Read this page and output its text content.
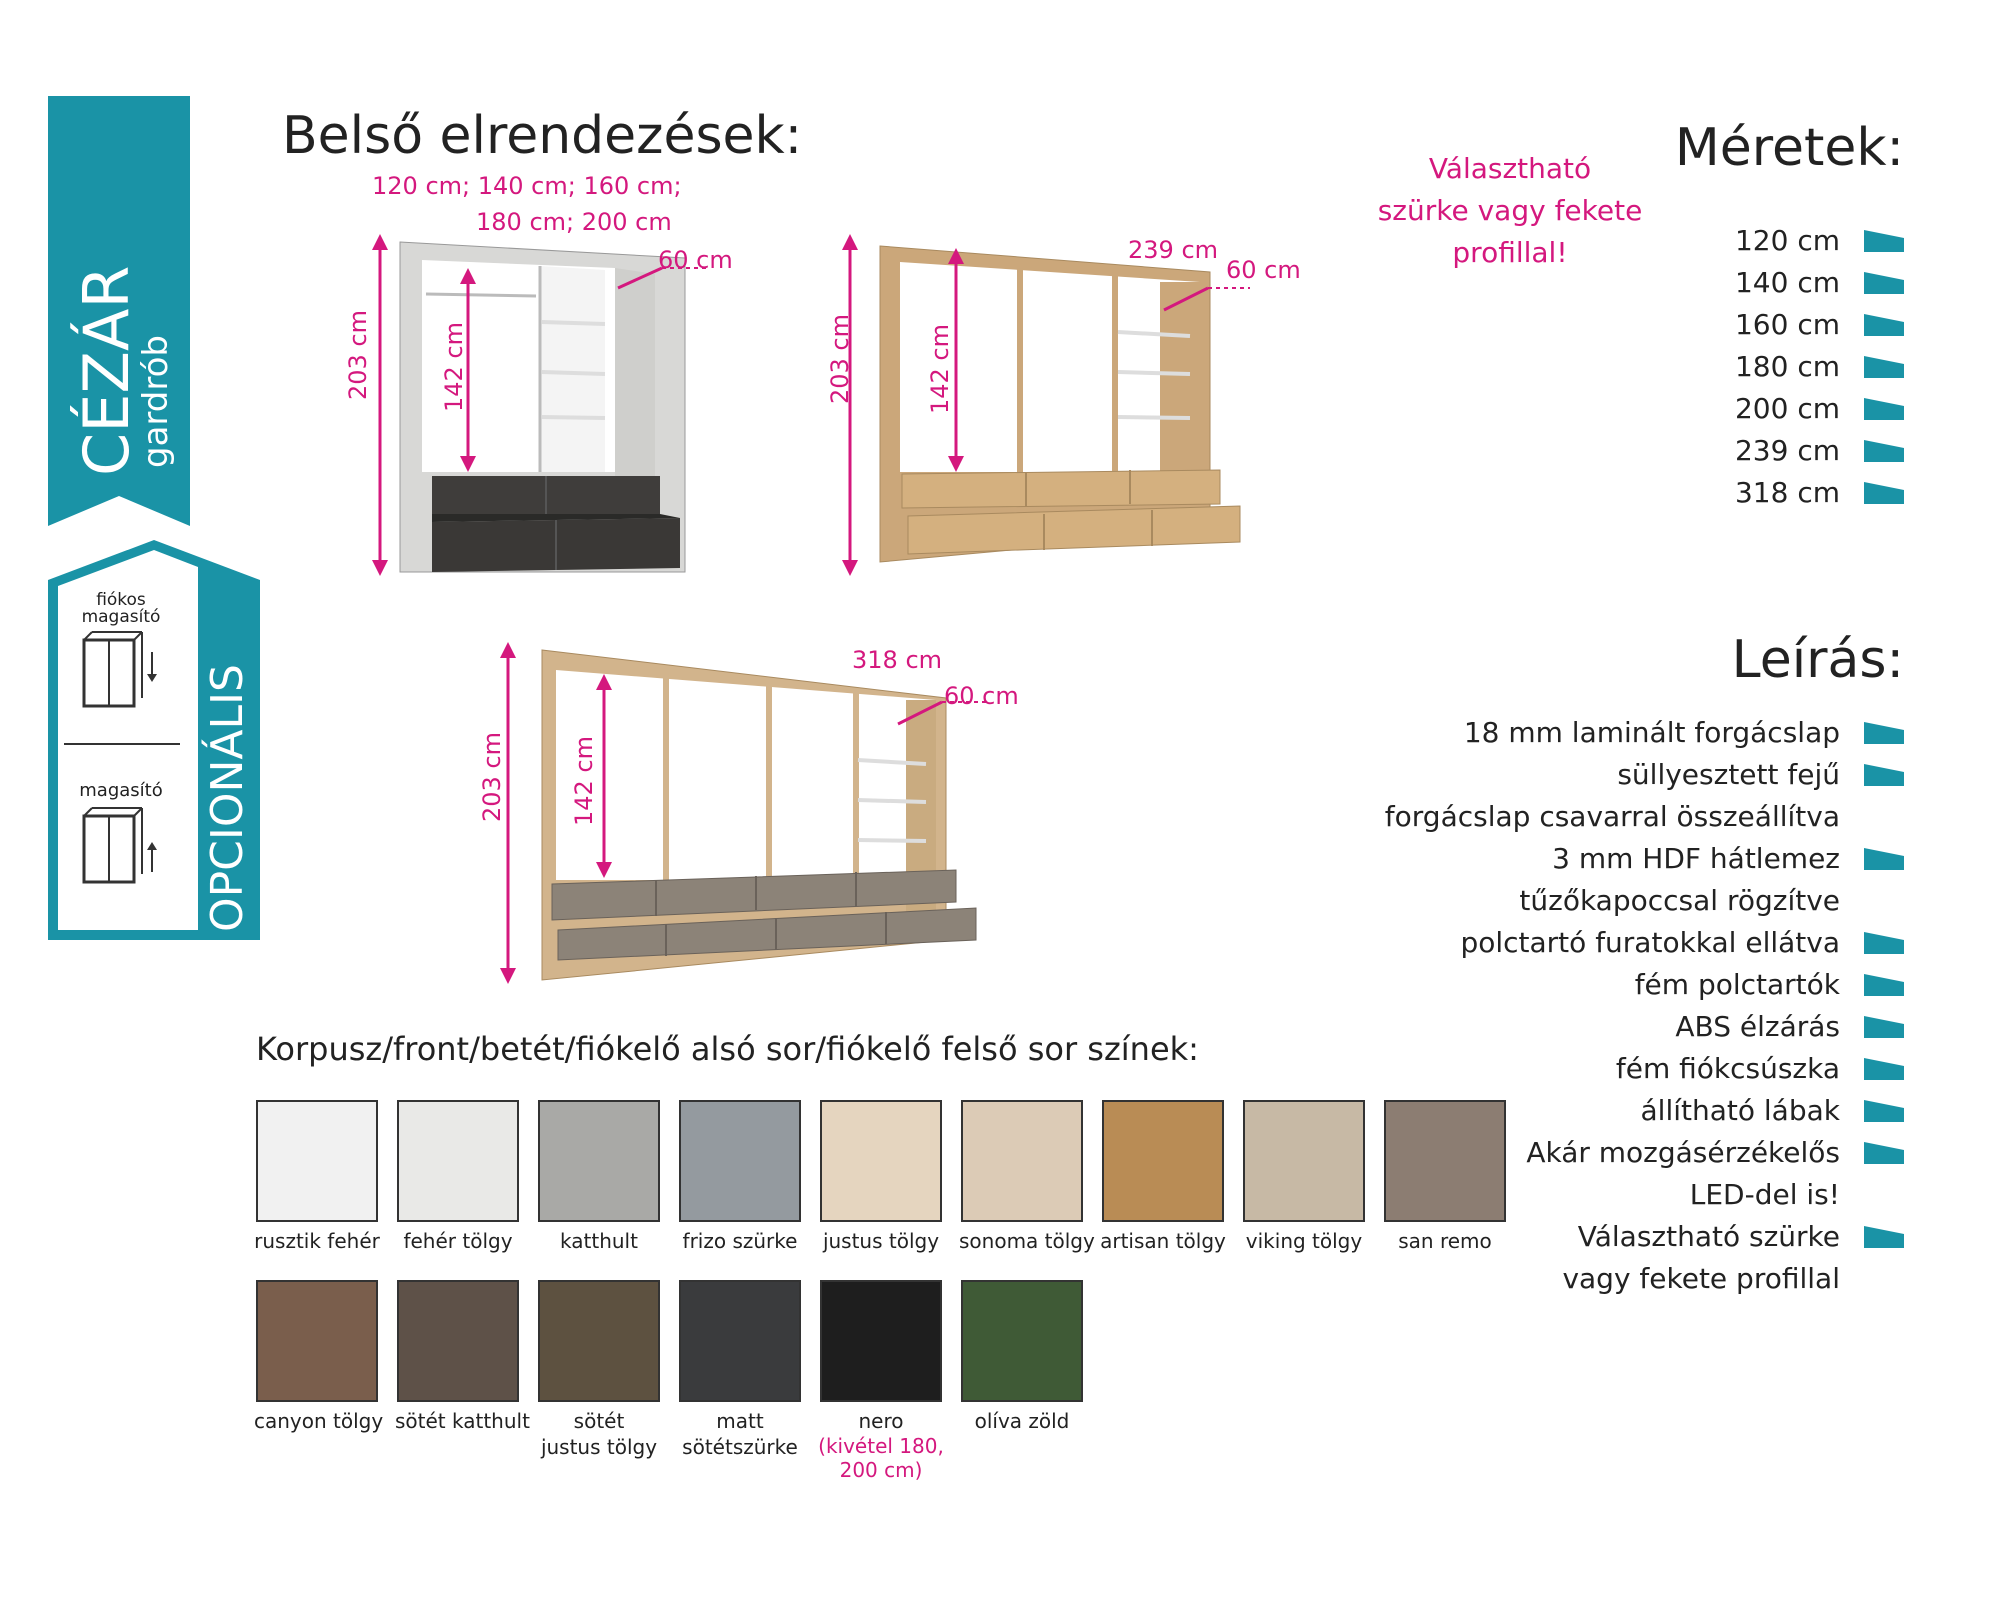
CÉZÁR
gardrób
fiókos
magasító
magasító OPCIONÁLIS
Belső elrendezések:
120 cm; 140 cm; 160 cm;
180 cm; 200 cm
203 cm	142 cm
60 cm	239 cm
60 cm
203 cm	142 cm
Választható
szürke vagy fekete
profillal!
318 cm
60 cm
203 cm	142 cm
Méretek:
120 cm
140 cm
160 cm
180 cm
200 cm
239 cm
318 cm
Leírás:
18 mm laminált forgácslap
süllyesztett fejű
forgácslap csavarral összeállítva
3 mm HDF hátlemez
tűzőkapoccsal rögzítve
polctartó furatokkal ellátva
fém polctartók
ABS élzárás
fém fiókcsúszka
állítható lábak
Akár mozgásérzékelős
LED-del is!
Választható szürke
vagy fekete profillal
Korpusz/front/betét/fiókelő alsó sor/fiókelő felső sor színek:
rusztik fehér	fehér tölgy	katthult	frizo szürke justus tölgy sonoma tölgy artisan tölgy viking tölgy	san remo
canyon tölgy sötét katthult	sötét
justus tölgy
matt
sötétszürke
nero
(kivétel 180,
200 cm)
olíva zöld
